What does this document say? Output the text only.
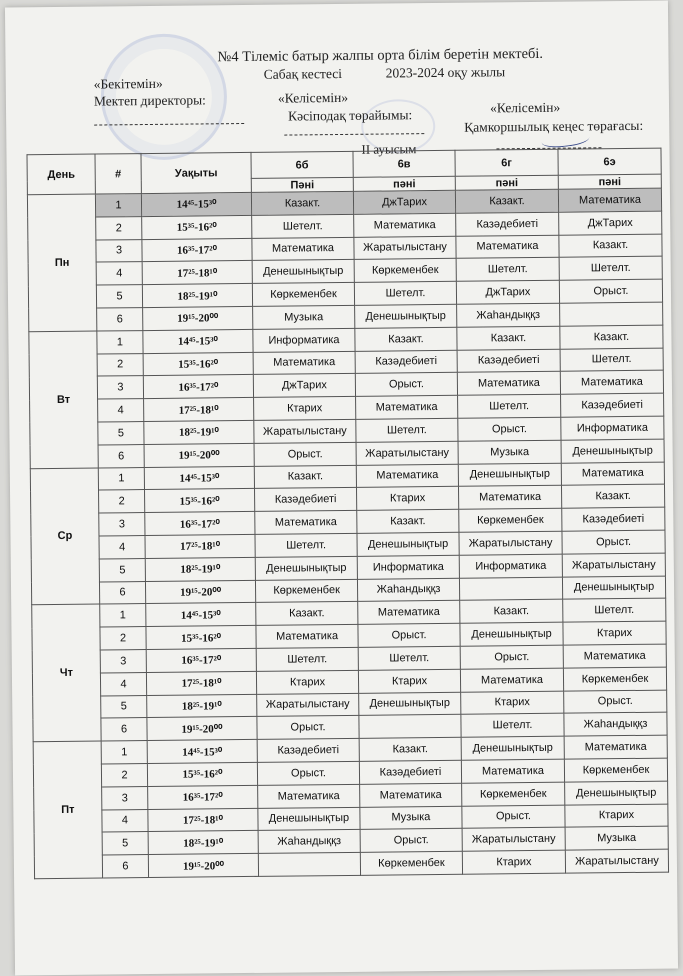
№4 Тілеміс батыр жалпы орта білім беретін мектебі.
Сабақ кестесі	2023-2024 оқу жылы
«Бекітемін»
Мектеп директоры:	«Келісемін»
Кәсіподақ төрайымы:	«Келісемін»
Қамкоршылық кеңес төрағасы:
II ауысым
День	#	Уақыты	6б	6в	6г	6э
			Пәні	пәні	пәні	пәні
Пн	1	14⁴⁵-15³⁰	Казакт.	ДжТарих	Казакт.	Математика
	2	15³⁵-16²⁰	Шетелт.	Математика	Казәдебиеті	ДжТарих
	3	16³⁵-17²⁰	Математика	Жаратылыстану	Математика	Казакт.
	4	17²⁵-18¹⁰	Денешынықтыр	Көркеменбек	Шетелт.	Шетелт.
	5	18²⁵-19¹⁰	Көркеменбек	Шетелт.	ДжТарих	Орыст.
	6	19¹⁵-20⁰⁰	Музыка	Денешынықтыр	Жаһандыққз	
Вт	1	14⁴⁵-15³⁰	Информатика	Казакт.	Казакт.	Казакт.
	2	15³⁵-16²⁰	Математика	Казәдебиеті	Казәдебиеті	Шетелт.
	3	16³⁵-17²⁰	ДжТарих	Орыст.	Математика	Математика
	4	17²⁵-18¹⁰	Ктарих	Математика	Шетелт.	Казәдебиеті
	5	18²⁵-19¹⁰	Жаратылыстану	Шетелт.	Орыст.	Информатика
	6	19¹⁵-20⁰⁰	Орыст.	Жаратылыстану	Музыка	Денешынықтыр
Ср	1	14⁴⁵-15³⁰	Казакт.	Математика	Денешынықтыр	Математика
	2	15³⁵-16²⁰	Казәдебиеті	Ктарих	Математика	Казакт.
	3	16³⁵-17²⁰	Математика	Казакт.	Көркеменбек	Казәдебиеті
	4	17²⁵-18¹⁰	Шетелт.	Денешынықтыр	Жаратылыстану	Орыст.
	5	18²⁵-19¹⁰	Денешынықтыр	Информатика	Информатика	Жаратылыстану
	6	19¹⁵-20⁰⁰	Көркеменбек	Жаһандыққз		Денешынықтыр
Чт	1	14⁴⁵-15³⁰	Казакт.	Математика	Казакт.	Шетелт.
	2	15³⁵-16²⁰	Математика	Орыст.	Денешынықтыр	Ктарих
	3	16³⁵-17²⁰	Шетелт.	Шетелт.	Орыст.	Математика
	4	17²⁵-18¹⁰	Ктарих	Ктарих	Математика	Көркеменбек
	5	18²⁵-19¹⁰	Жаратылыстану	Денешынықтыр	Ктарих	Орыст.
	6	19¹⁵-20⁰⁰	Орыст.		Шетелт.	Жаһандыққз
Пт	1	14⁴⁵-15³⁰	Казәдебиеті	Казакт.	Денешынықтыр	Математика
	2	15³⁵-16²⁰	Орыст.	Казәдебиеті	Математика	Көркеменбек
	3	16³⁵-17²⁰	Математика	Математика	Көркеменбек	Денешынықтыр
	4	17²⁵-18¹⁰	Денешынықтыр	Музыка	Орыст.	Ктарих
	5	18²⁵-19¹⁰	Жаһандыққз	Орыст.	Жаратылыстану	Музыка
	6	19¹⁵-20⁰⁰		Көркеменбек	Ктарих	Жаратылыстану
